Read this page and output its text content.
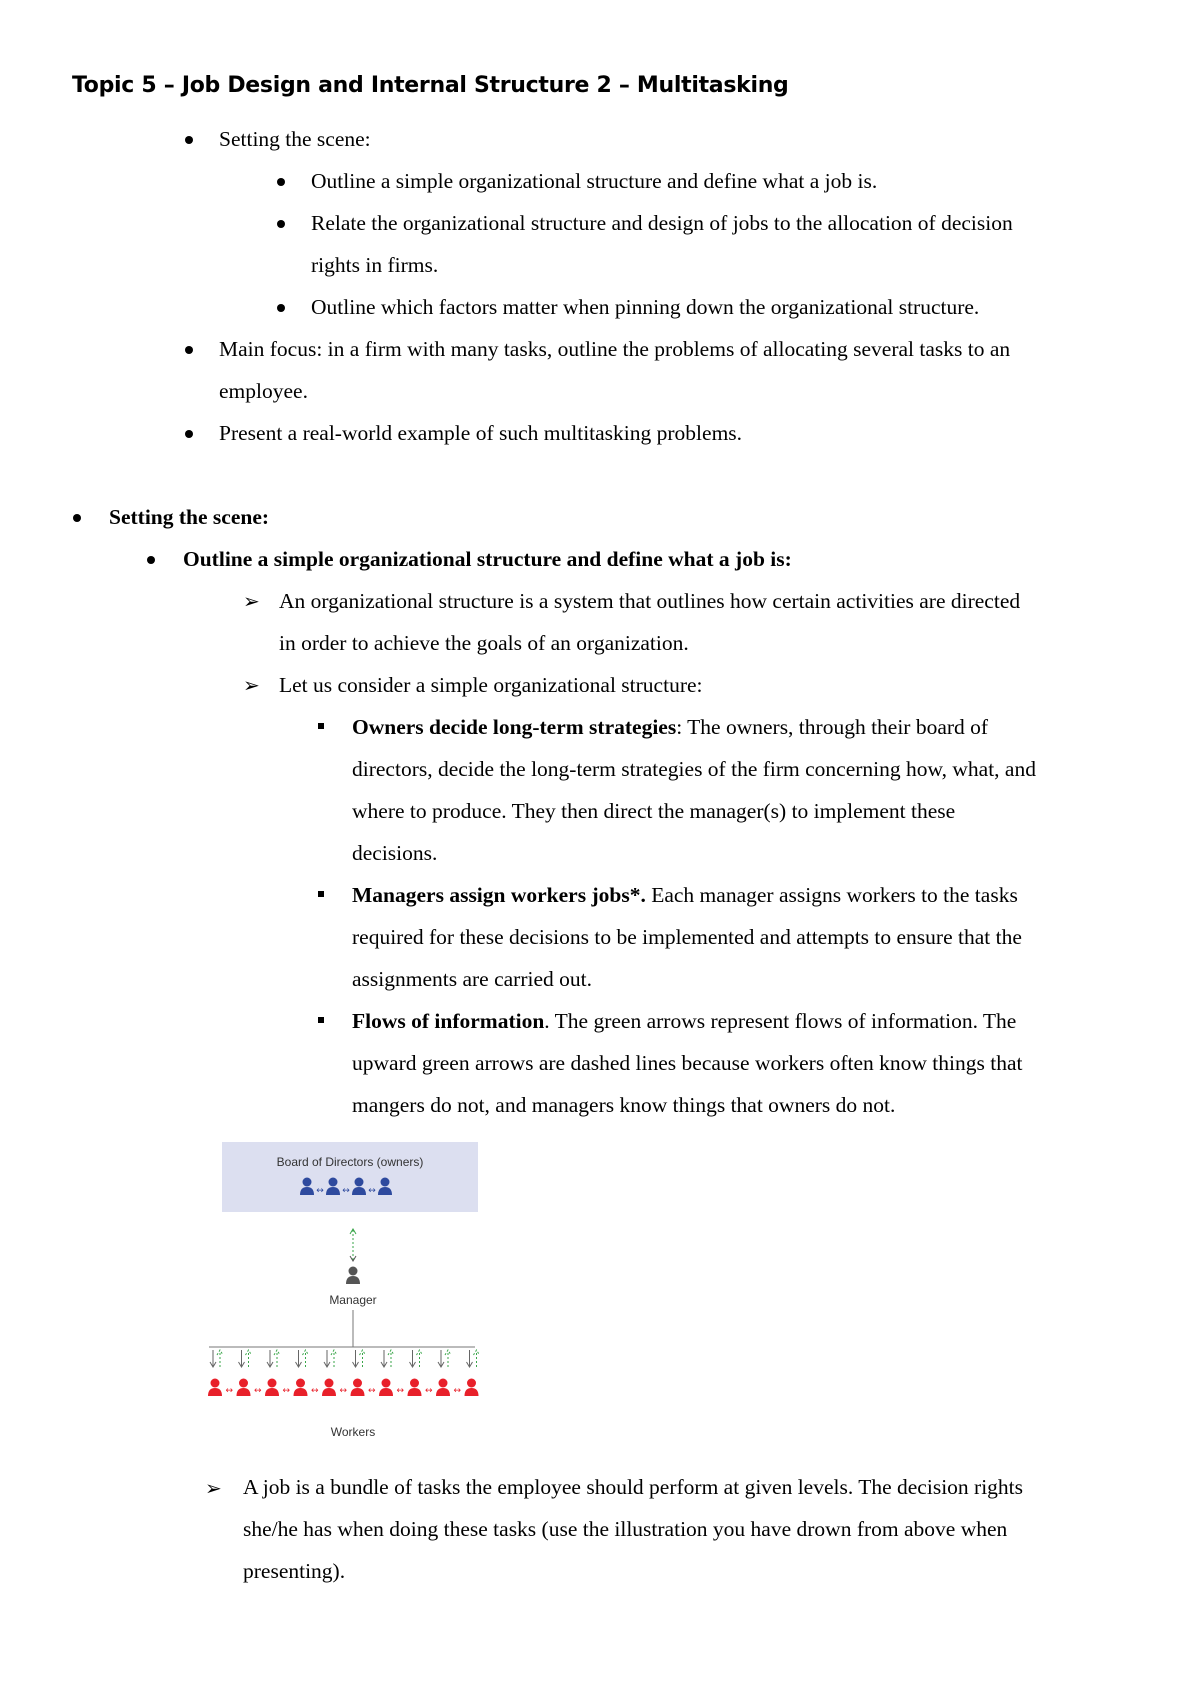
Topic 5 – Job Design and Internal Structure 2 – Multitasking
Setting the scene:
Outline a simple organizational structure and define what a job is.
Relate the organizational structure and design of jobs to the allocation of decision
rights in firms.
Outline which factors matter when pinning down the organizational structure.
Main focus: in a firm with many tasks, outline the problems of allocating several tasks to an
employee.
Present a real-world example of such multitasking problems.
Setting the scene:
Outline a simple organizational structure and define what a job is:
➢ An organizational structure is a system that outlines how certain activities are directed
in order to achieve the goals of an organization.
➢ Let us consider a simple organizational structure:
Owners decide long-term strategies: The owners, through their board of
directors, decide the long-term strategies of the firm concerning how, what, and
where to produce. They then direct the manager(s) to implement these
decisions.
Managers assign workers jobs*. Each manager assigns workers to the tasks
required for these decisions to be implemented and attempts to ensure that the
assignments are carried out.
Flows of information. The green arrows represent flows of information. The
upward green arrows are dashed lines because workers often know things that
mangers do not, and managers know things that owners do not.
Board of Directors (owners)
↔ ↔ ↔
Manager
↔ ↔ ↔ ↔ ↔ ↔ ↔ ↔ ↔
Workers
➢ A job is a bundle of tasks the employee should perform at given levels. The decision rights
she/he has when doing these tasks (use the illustration you have drown from above when
presenting).
